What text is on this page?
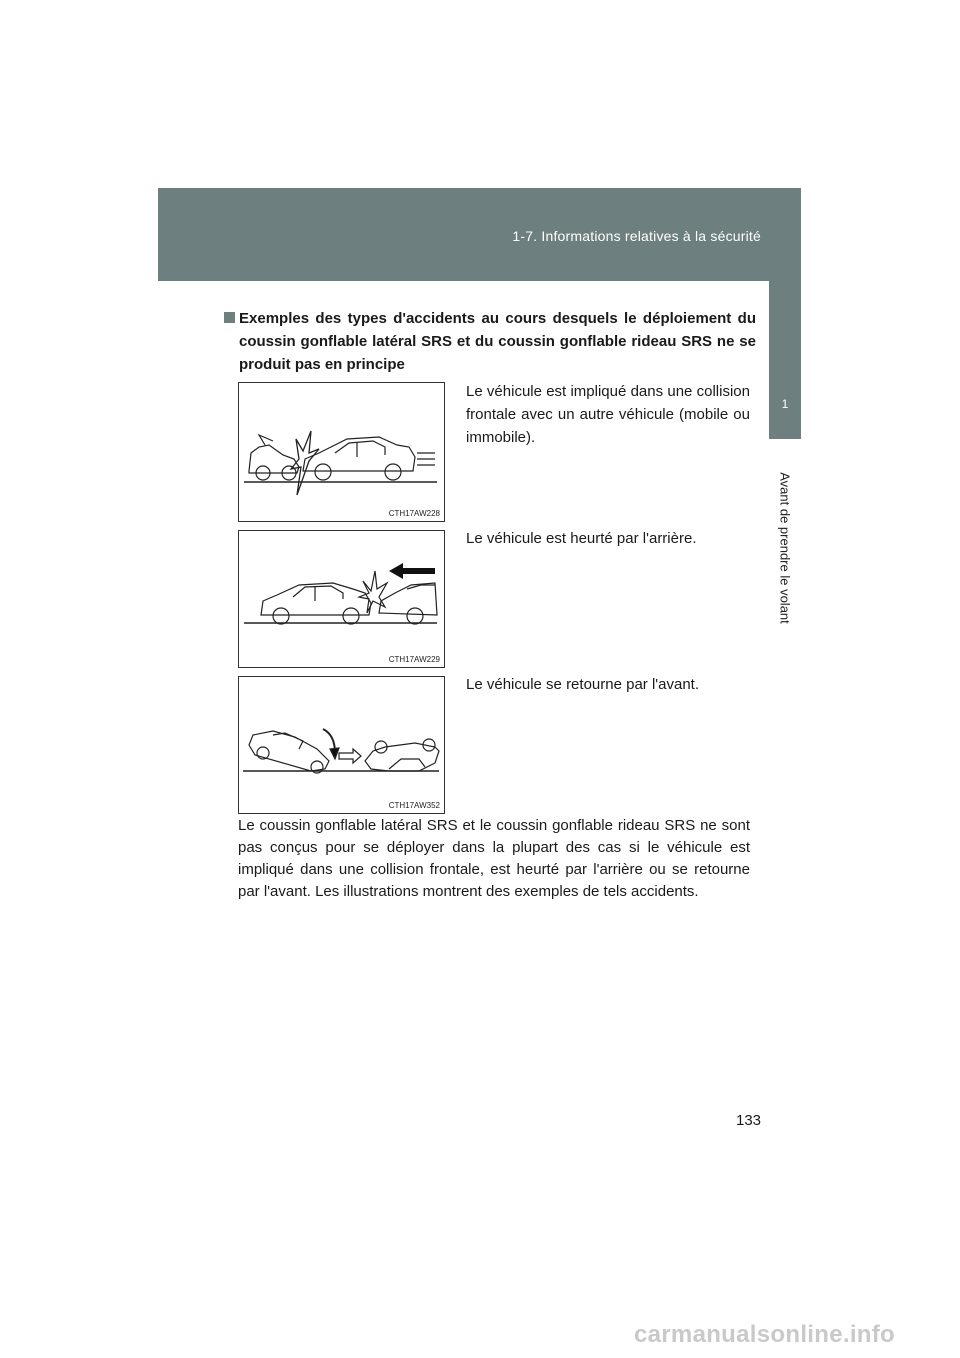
1-7. Informations relatives à la sécurité
1
Avant de prendre le volant
Exemples des types d'accidents au cours desquels le déploiement du coussin gonflable latéral SRS et du coussin gonflable rideau SRS ne se produit pas en principe
CTH17AW228
Le véhicule est impliqué dans une collision frontale avec un autre véhicule (mobile ou immobile).
CTH17AW229
Le véhicule est heurté par l'arrière.
CTH17AW352
Le véhicule se retourne par l'avant.
Le coussin gonflable latéral SRS et le coussin gonflable rideau SRS ne sont pas conçus pour se déployer dans la plupart des cas si le véhicule est impliqué dans une collision frontale, est heurté par l'arrière ou se retourne par l'avant. Les illustrations montrent des exemples de tels accidents.
133
carmanualsonline.info
